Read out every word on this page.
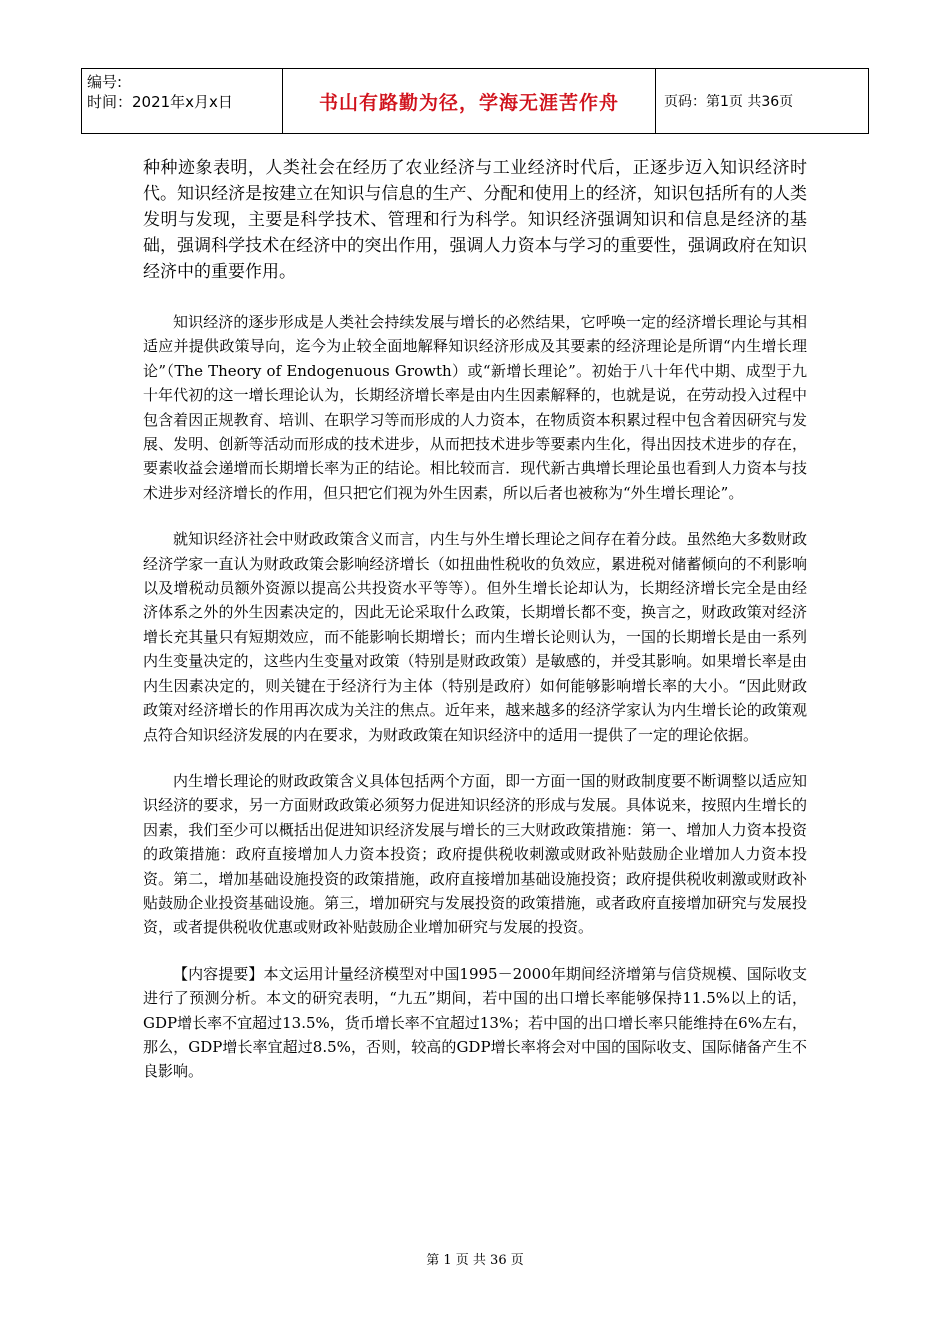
编号:
时间：2021年x月x日	书山有路勤为径，学海无涯苦作舟	页码：第1页 共36页

种种迹象表明，人类社会在经历了农业经济与工业经济时代后，正逐步迈入知识经济时代。知识经济是按建立在知识与信息的生产、分配和使用上的经济，知识包括所有的人类发明与发现，主要是科学技术、管理和行为科学。知识经济强调知识和信息是经济的基础，强调科学技术在经济中的突出作用，强调人力资本与学习的重要性，强调政府在知识经济中的重要作用。

知识经济的逐步形成是人类社会持续发展与增长的必然结果，它呼唤一定的经济增长理论与其相适应并提供政策导向，迄今为止较全面地解释知识经济形成及其要素的经济理论是所谓“内生增长理论”（The Theory of Endogenuous Growth）或“新增长理论”。初始于八十年代中期、成型于九十年代初的这一增长理论认为，长期经济增长率是由内生因素解释的，也就是说，在劳动投入过程中包含着因正规教育、培训、在职学习等而形成的人力资本，在物质资本积累过程中包含着因研究与发展、发明、创新等活动而形成的技术进步，从而把技术进步等要素内生化，得出因技术进步的存在，要素收益会递增而长期增长率为正的结论。相比较而言．现代新古典增长理论虽也看到人力资本与技术进步对经济增长的作用，但只把它们视为外生因素，所以后者也被称为“外生增长理论”。

就知识经济社会中财政政策含义而言，内生与外生增长理论之间存在着分歧。虽然绝大多数财政经济学家一直认为财政政策会影响经济增长（如扭曲性税收的负效应，累进税对储蓄倾向的不利影响以及增税动员额外资源以提高公共投资水平等等）。但外生增长论却认为，长期经济增长完全是由经济体系之外的外生因素决定的，因此无论采取什么政策，长期增长都不变，换言之，财政政策对经济增长充其量只有短期效应，而不能影响长期增长；而内生增长论则认为，一国的长期增长是由一系列内生变量决定的，这些内生变量对政策（特别是财政政策）是敏感的，并受其影响。如果增长率是由内生因素决定的，则关键在于经济行为主体（特别是政府）如何能够影响增长率的大小。“因此财政政策对经济增长的作用再次成为关注的焦点。近年来，越来越多的经济学家认为内生增长论的政策观点符合知识经济发展的内在要求，为财政政策在知识经济中的适用一提供了一定的理论依据。

内生增长理论的财政政策含义具体包括两个方面，即一方面一国的财政制度要不断调整以适应知识经济的要求，另一方面财政政策必须努力促进知识经济的形成与发展。具体说来，按照内生增长的因素，我们至少可以概括出促进知识经济发展与增长的三大财政政策措施：第一、增加人力资本投资的政策措施：政府直接增加人力资本投资；政府提供税收刺激或财政补贴鼓励企业增加人力资本投资。第二，增加基础设施投资的政策措施，政府直接增加基础设施投资；政府提供税收刺激或财政补贴鼓励企业投资基础设施。第三，增加研究与发展投资的政策措施，或者政府直接增加研究与发展投资，或者提供税收优惠或财政补贴鼓励企业增加研究与发展的投资。

【内容提要】本文运用计量经济模型对中国1995－2000年期间经济增第与信贷规模、国际收支进行了预测分析。本文的研究表明，“九五”期间，若中国的出口增长率能够保持11.5%以上的话，GDP增长率不宜超过13.5%，货币增长率不宜超过13%；若中国的出口增长率只能维持在6%左右，那么，GDP增长率宜超过8.5%，否则，较高的GDP增长率将会对中国的国际收支、国际储备产生不良影响。

第 1 页 共 36 页
